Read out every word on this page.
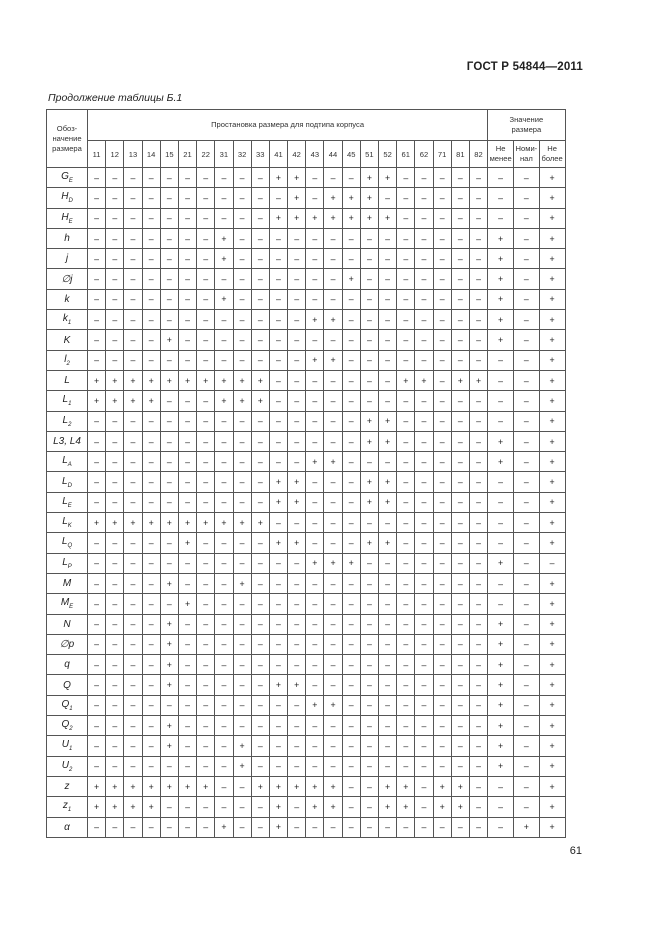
ГОСТ Р 54844—2011
Продолжение таблицы Б.1
Обоз-
начение
размера	Простановка размера для подтипа корпуса																						Значение
размера		
	11	12	13	14	15	21	22	31	32	33	41	42	43	44	45	51	52	61	62	71	81	82	Не
менее	Номи-
нал	Не
более
$G_E$	–	–	–	–	–	–	–	–	–	–	+	+	–	–	–	+	+	–	–	–	–	–	–	–	+
$H_D$	–	–	–	–	–	–	–	–	–	–	–	+	–	+	+	+	–	–	–	–	–	–	–	–	+
$H_E$	–	–	–	–	–	–	–	–	–	–	+	+	+	+	+	+	+	–	–	–	–	–	–	–	+
h	–	–	–	–	–	–	–	+	–	–	–	–	–	–	–	–	–	–	–	–	–	–	+	–	+
j	–	–	–	–	–	–	–	+	–	–	–	–	–	–	–	–	–	–	–	–	–	–	+	–	+
∅j	–	–	–	–	–	–	–	–	–	–	–	–	–	–	+	–	–	–	–	–	–	–	+	–	+
k	–	–	–	–	–	–	–	+	–	–	–	–	–	–	–	–	–	–	–	–	–	–	+	–	+
$k_1$	–	–	–	–	–	–	–	–	–	–	–	–	+	+	–	–	–	–	–	–	–	–	+	–	+
K	–	–	–	–	+	–	–	–	–	–	–	–	–	–	–	–	–	–	–	–	–	–	+	–	+
$l_2$	–	–	–	–	–	–	–	–	–	–	–	–	+	+	–	–	–	–	–	–	–	–	–	–	+
L	+	+	+	+	+	+	+	+	+	+	–	–	–	–	–	–	–	+	+	–	+	+	–	–	+
$L_1$	+	+	+	+	–	–	–	+	+	+	–	–	–	–	–	–	–	–	–	–	–	–	–	–	+
$L_2$	–	–	–	–	–	–	–	–	–	–	–	–	–	–	–	+	+	–	–	–	–	–	–	–	+
L3, L4	–	–	–	–	–	–	–	–	–	–	–	–	–	–	–	+	+	–	–	–	–	–	+	–	+
$L_A$	–	–	–	–	–	–	–	–	–	–	–	–	+	+	–	–	–	–	–	–	–	–	+	–	+
$L_D$	–	–	–	–	–	–	–	–	–	–	+	+	–	–	–	+	+	–	–	–	–	–	–	–	+
$L_E$	–	–	–	–	–	–	–	–	–	–	+	+	–	–	–	+	+	–	–	–	–	–	–	–	+
$L_K$	+	+	+	+	+	+	+	+	+	+	–	–	–	–	–	–	–	–	–	–	–	–	–	–	+
$L_Q$	–	–	–	–	–	+	–	–	–	–	+	+	–	–	–	+	+	–	–	–	–	–	–	–	+
$L_P$	–	–	–	–	–	–	–	–	–	–	–	–	+	+	+	–	–	–	–	–	–	–	+	–	–
M	–	–	–	–	+	–	–	–	+	–	–	–	–	–	–	–	–	–	–	–	–	–	–	–	+
$M_E$	–	–	–	–	–	+	–	–	–	–	–	–	–	–	–	–	–	–	–	–	–	–	–	–	+
N	–	–	–	–	+	–	–	–	–	–	–	–	–	–	–	–	–	–	–	–	–	–	+	–	+
∅p	–	–	–	–	+	–	–	–	–	–	–	–	–	–	–	–	–	–	–	–	–	–	+	–	+
q	–	–	–	–	+	–	–	–	–	–	–	–	–	–	–	–	–	–	–	–	–	–	+	–	+
Q	–	–	–	–	+	–	–	–	–	–	+	+	–	–	–	–	–	–	–	–	–	–	+	–	+
$Q_1$	–	–	–	–	–	–	–	–	–	–	–	–	+	+	–	–	–	–	–	–	–	–	+	–	+
$Q_2$	–	–	–	–	+	–	–	–	–	–	–	–	–	–	–	–	–	–	–	–	–	–	+	–	+
$U_1$	–	–	–	–	+	–	–	–	+	–	–	–	–	–	–	–	–	–	–	–	–	–	+	–	+
$U_2$	–	–	–	–	–	–	–	–	+	–	–	–	–	–	–	–	–	–	–	–	–	–	+	–	+
z	+	+	+	+	+	+	+	–	–	+	+	+	+	+	–	–	+	+	–	+	+	–	–	–	+
$z_1$	+	+	+	+	–	–	–	–	–	–	+	–	+	+	–	–	+	+	–	+	+	–	–	–	+
α	–	–	–	–	–	–	–	+	–	–	+	–	–	–	–	–	–	–	–	–	–	–	–	+	+
61
